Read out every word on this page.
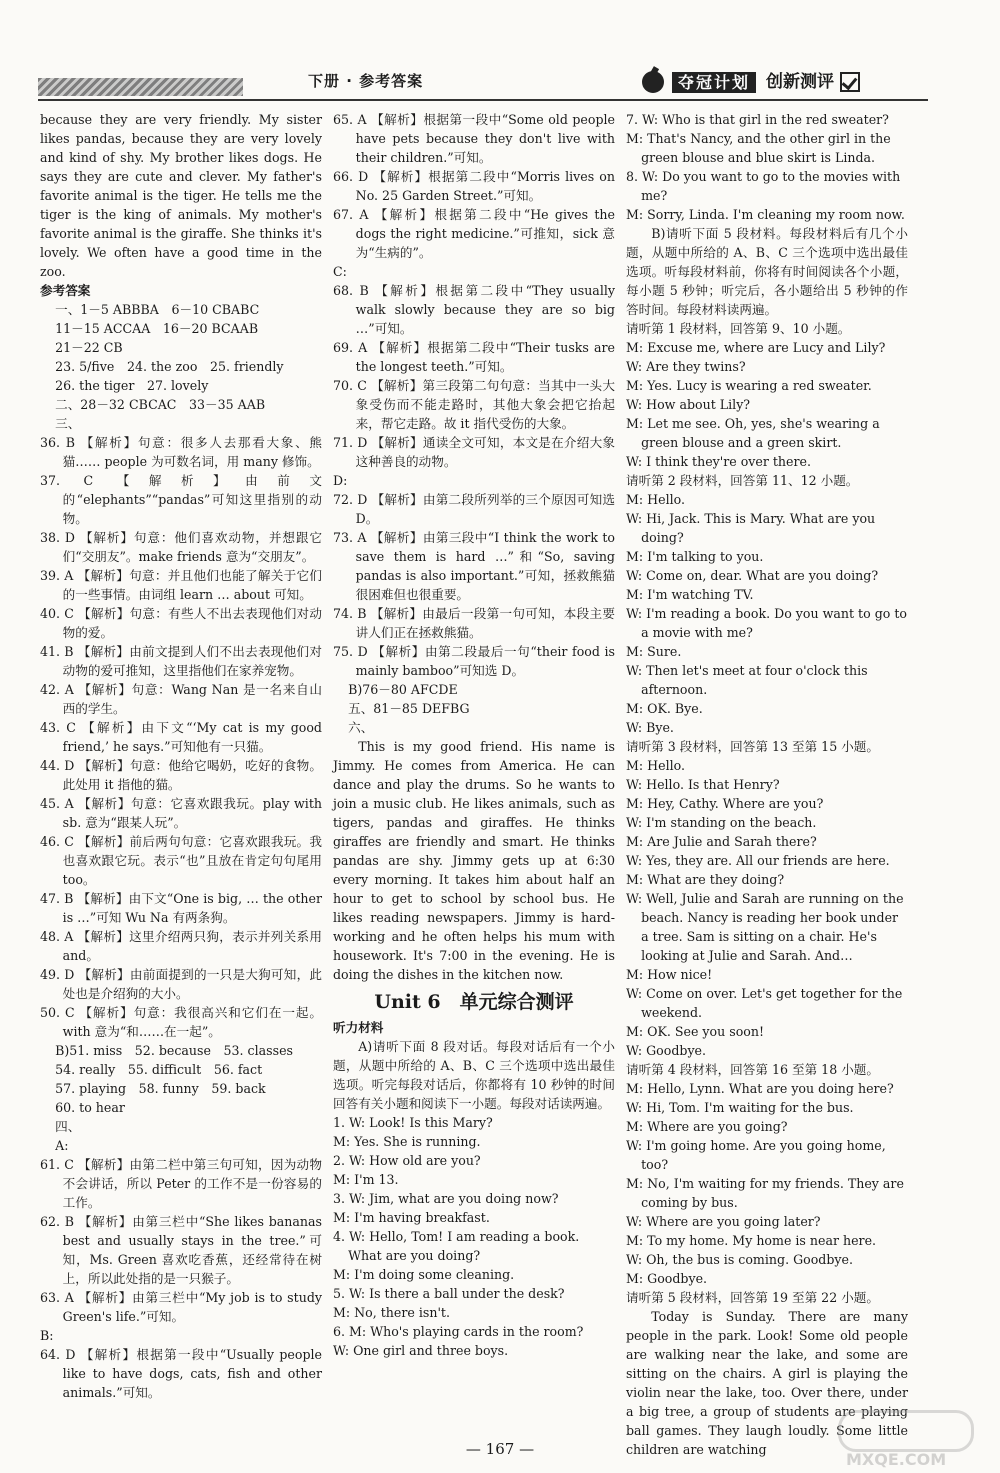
下册 · 参考答案	夺冠计划 创新测评

because they are very friendly. My sister likes pandas, because they are very lovely and kind of shy. My brother likes dogs. He says they are cute and clever. My father's favorite animal is the tiger. He tells me the tiger is the king of animals. My mother's favorite animal is the giraffe. She thinks it's lovely. We often have a good time in the zoo.

参考答案

一、1－5 ABBBA　6－10 CBABC

11－15 ACCAA　16－20 BCAAB

21－22 CB

23. 5/five　24. the zoo　25. friendly

26. the tiger　27. lovely

二、28－32 CBCAC　33－35 AAB

三、

36. B 【解析】句意：很多人去那看大象、熊猫…… people 为可数名词，用 many 修饰。

37. C 【解析】由前文的“elephants”“pandas”可知这里指别的动物。

38. D 【解析】句意：他们喜欢动物，并想跟它们“交朋友”。make friends 意为“交朋友”。

39. A 【解析】句意：并且他们也能了解关于它们的一些事情。由词组 learn … about 可知。

40. C 【解析】句意：有些人不出去表现他们对动物的爱。

41. B 【解析】由前文提到人们不出去表现他们对动物的爱可推知，这里指他们在家养宠物。

42. A 【解析】句意：Wang Nan 是一名来自山西的学生。

43. C 【解析】由下文“‘My cat is my good friend,’ he says.”可知他有一只猫。

44. D 【解析】句意：他给它喝奶，吃好的食物。此处用 it 指他的猫。

45. A 【解析】句意：它喜欢跟我玩。play with sb. 意为“跟某人玩”。

46. C 【解析】前后两句句意：它喜欢跟我玩。我也喜欢跟它玩。表示“也”且放在肯定句句尾用 too。

47. B 【解析】由下文“One is big, … the other is …”可知 Wu Na 有两条狗。

48. A 【解析】这里介绍两只狗，表示并列关系用 and。

49. D 【解析】由前面提到的一只是大狗可知，此处也是介绍狗的大小。

50. C 【解析】句意：我很高兴和它们在一起。with 意为“和……在一起”。

B)51. miss　52. because　53. classes

54. really　55. difficult　56. fact

57. playing　58. funny　59. back

60. to hear

四、

A:

61. C 【解析】由第二栏中第三句可知，因为动物不会讲话，所以 Peter 的工作不是一份容易的工作。

62. B 【解析】由第三栏中“She likes bananas best and usually stays in the tree.”可知，Ms. Green 喜欢吃香蕉，还经常待在树上，所以此处指的是一只猴子。

63. A 【解析】由第三栏中“My job is to study Green's life.”可知。

B:

64. D 【解析】根据第一段中“Usually people like to have dogs, cats, fish and other animals.”可知。

65. A 【解析】根据第一段中“Some old people have pets because they don't live with their children.”可知。

66. D 【解析】根据第二段中“Morris lives on No. 25 Garden Street.”可知。

67. A 【解析】根据第二段中“He gives the dogs the right medicine.”可推知，sick 意为“生病的”。

C:

68. B 【解析】根据第二段中“They usually walk slowly because they are so big …”可知。

69. A 【解析】根据第二段中“Their tusks are the longest teeth.”可知。

70. C 【解析】第三段第二句句意：当其中一头大象受伤而不能走路时，其他大象会把它抬起来，帮它走路。故 it 指代受伤的大象。

71. D 【解析】通读全文可知，本文是在介绍大象这种善良的动物。

D:

72. D 【解析】由第二段所列举的三个原因可知选 D。

73. A 【解析】由第三段中“I think the work to save them is hard …”和“So, saving pandas is also important.”可知，拯救熊猫很困难但也很重要。

74. B 【解析】由最后一段第一句可知，本段主要讲人们正在拯救熊猫。

75. D 【解析】由第二段最后一句“their food is mainly bamboo”可知选 D。

B)76－80 AFCDE

五、81－85 DEFBG

六、

This is my good friend. His name is Jimmy. He comes from America. He can dance and play the drums. So he wants to join a music club. He likes animals, such as tigers, pandas and giraffes. He thinks giraffes are friendly and smart. He thinks pandas are shy. Jimmy gets up at 6:30 every morning. It takes him about half an hour to get to school by school bus. He likes reading newspapers. Jimmy is hard-working and he often helps his mum with housework. It's 7:00 in the evening. He is doing the dishes in the kitchen now.

Unit 6　单元综合测评

听力材料

A)请听下面 8 段对话。每段对话后有一个小题，从题中所给的 A、B、C 三个选项中选出最佳选项。听完每段对话后，你都将有 10 秒钟的时间回答有关小题和阅读下一小题。每段对话读两遍。

1. W: Look! Is this Mary?

M: Yes. She is running.

2. W: How old are you?

M: I'm 13.

3. W: Jim, what are you doing now?

M: I'm having breakfast.

4. W: Hello, Tom! I am reading a book. What are you doing?

M: I'm doing some cleaning.

5. W: Is there a ball under the desk?

M: No, there isn't.

6. M: Who's playing cards in the room?

W: One girl and three boys.

7. W: Who is that girl in the red sweater?

M: That's Nancy, and the other girl in the green blouse and blue skirt is Linda.

8. W: Do you want to go to the movies with me?

M: Sorry, Linda. I'm cleaning my room now.

B)请听下面 5 段材料。每段材料后有几个小题，从题中所给的 A、B、C 三个选项中选出最佳选项。听每段材料前，你将有时间阅读各个小题，每小题 5 秒钟；听完后，各小题给出 5 秒钟的作答时间。每段材料读两遍。

请听第 1 段材料，回答第 9、10 小题。

M: Excuse me, where are Lucy and Lily?

W: Are they twins?

M: Yes. Lucy is wearing a red sweater.

W: How about Lily?

M: Let me see. Oh, yes, she's wearing a green blouse and a green skirt.

W: I think they're over there.

请听第 2 段材料，回答第 11、12 小题。

M: Hello.

W: Hi, Jack. This is Mary. What are you doing?

M: I'm talking to you.

W: Come on, dear. What are you doing?

M: I'm watching TV.

W: I'm reading a book. Do you want to go to a movie with me?

M: Sure.

W: Then let's meet at four o'clock this afternoon.

M: OK. Bye.

W: Bye.

请听第 3 段材料，回答第 13 至第 15 小题。

M: Hello.

W: Hello. Is that Henry?

M: Hey, Cathy. Where are you?

W: I'm standing on the beach.

M: Are Julie and Sarah there?

W: Yes, they are. All our friends are here.

M: What are they doing?

W: Well, Julie and Sarah are running on the beach. Nancy is reading her book under a tree. Sam is sitting on a chair. He's looking at Julie and Sarah. And…

M: How nice!

W: Come on over. Let's get together for the weekend.

M: OK. See you soon!

W: Goodbye.

请听第 4 段材料，回答第 16 至第 18 小题。

M: Hello, Lynn. What are you doing here?

W: Hi, Tom. I'm waiting for the bus.

M: Where are you going?

W: I'm going home. Are you going home, too?

M: No, I'm waiting for my friends. They are coming by bus.

W: Where are you going later?

M: To my home. My home is near here.

W: Oh, the bus is coming. Goodbye.

M: Goodbye.

请听第 5 段材料，回答第 19 至第 22 小题。

Today is Sunday. There are many people in the park. Look! Some old people are walking near the lake, and some are sitting on the chairs. A girl is playing the violin near the lake, too. Over there, under a big tree, a group of students are playing ball games. They laugh loudly. Some little children are watching

— 167 —
MXQE.COM
